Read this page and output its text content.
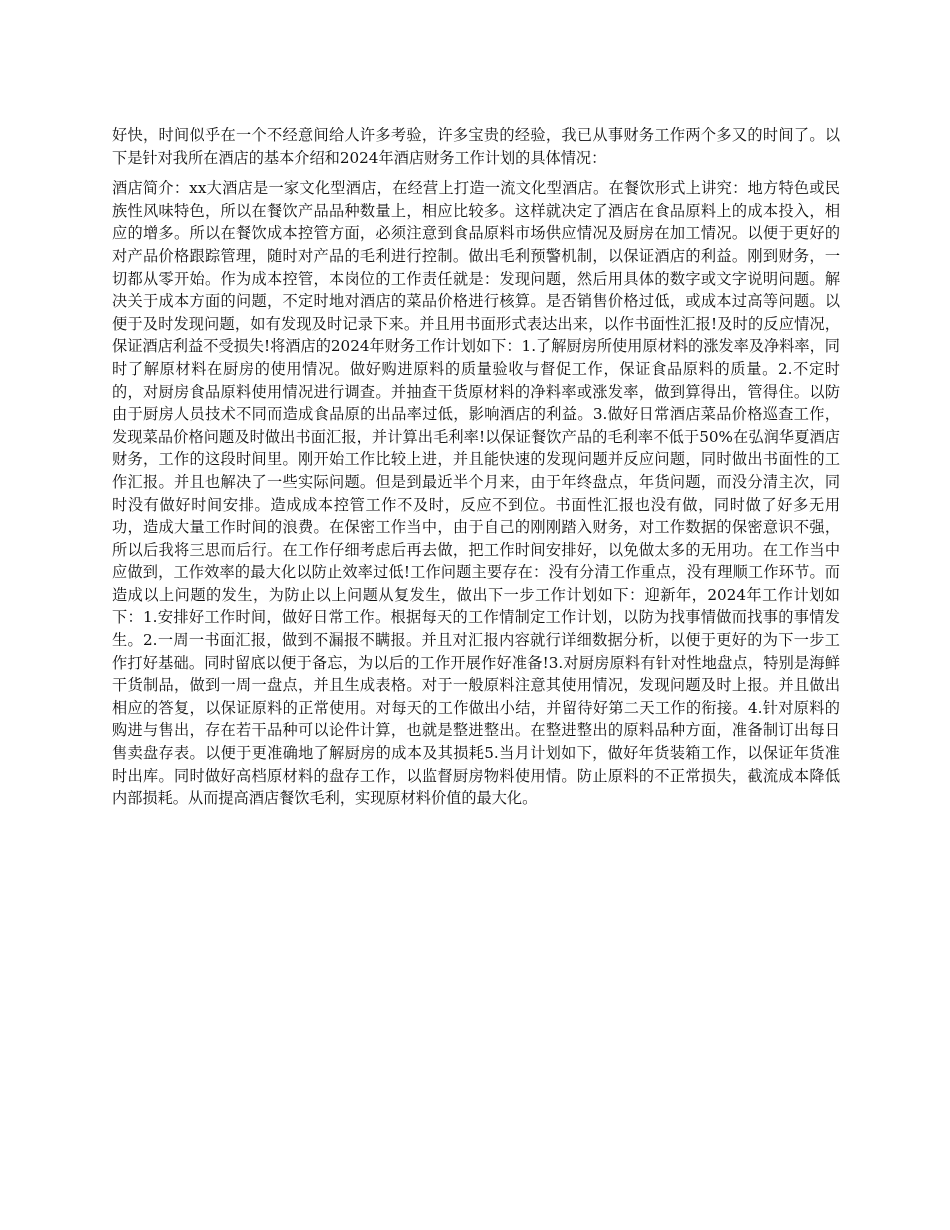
好快，时间似乎在一个不经意间给人许多考验，许多宝贵的经验，我已从事财务工作两个多又的时间了。以下是针对我所在酒店的基本介绍和2024年酒店财务工作计划的具体情况：

酒店简介：xx大酒店是一家文化型酒店，在经营上打造一流文化型酒店。在餐饮形式上讲究：地方特色或民族性风味特色，所以在餐饮产品品种数量上，相应比较多。这样就决定了酒店在食品原料上的成本投入，相应的增多。所以在餐饮成本控管方面，必须注意到食品原料市场供应情况及厨房在加工情况。以便于更好的对产品价格跟踪管理，随时对产品的毛利进行控制。做出毛利预警机制，以保证酒店的利益。刚到财务，一切都从零开始。作为成本控管，本岗位的工作责任就是：发现问题，然后用具体的数字或文字说明问题。解决关于成本方面的问题，不定时地对酒店的菜品价格进行核算。是否销售价格过低，或成本过高等问题。以便于及时发现问题，如有发现及时记录下来。并且用书面形式表达出来，以作书面性汇报!及时的反应情况，保证酒店利益不受损失!将酒店的2024年财务工作计划如下：1.了解厨房所使用原材料的涨发率及净料率，同时了解原材料在厨房的使用情况。做好购进原料的质量验收与督促工作，保证食品原料的质量。2.不定时的，对厨房食品原料使用情况进行调查。并抽查干货原材料的净料率或涨发率，做到算得出，管得住。以防由于厨房人员技术不同而造成食品原的出品率过低，影响酒店的利益。3.做好日常酒店菜品价格巡查工作，发现菜品价格问题及时做出书面汇报，并计算出毛利率!以保证餐饮产品的毛利率不低于50%在弘润华夏酒店财务，工作的这段时间里。刚开始工作比较上进，并且能快速的发现问题并反应问题，同时做出书面性的工作汇报。并且也解决了一些实际问题。但是到最近半个月来，由于年终盘点，年货问题，而没分清主次，同时没有做好时间安排。造成成本控管工作不及时，反应不到位。书面性汇报也没有做，同时做了好多无用功，造成大量工作时间的浪费。在保密工作当中，由于自己的刚刚踏入财务，对工作数据的保密意识不强，所以后我将三思而后行。在工作仔细考虑后再去做，把工作时间安排好，以免做太多的无用功。在工作当中应做到，工作效率的最大化以防止效率过低!工作问题主要存在：没有分清工作重点，没有理顺工作环节。而造成以上问题的发生，为防止以上问题从复发生，做出下一步工作计划如下：迎新年，2024年工作计划如下：1.安排好工作时间，做好日常工作。根据每天的工作情制定工作计划，以防为找事情做而找事的事情发生。2.一周一书面汇报，做到不漏报不瞒报。并且对汇报内容就行详细数据分析，以便于更好的为下一步工作打好基础。同时留底以便于备忘，为以后的工作开展作好准备!3.对厨房原料有针对性地盘点，特别是海鲜干货制品，做到一周一盘点，并且生成表格。对于一般原料注意其使用情况，发现问题及时上报。并且做出相应的答复，以保证原料的正常使用。对每天的工作做出小结，并留待好第二天工作的衔接。4.针对原料的购进与售出，存在若干品种可以论件计算，也就是整进整出。在整进整出的原料品种方面，准备制订出每日售卖盘存表。以便于更准确地了解厨房的成本及其损耗5.当月计划如下，做好年货装箱工作，以保证年货准时出库。同时做好高档原材料的盘存工作，以监督厨房物料使用情。防止原料的不正常损失，截流成本降低内部损耗。从而提高酒店餐饮毛利，实现原材料价值的最大化。
